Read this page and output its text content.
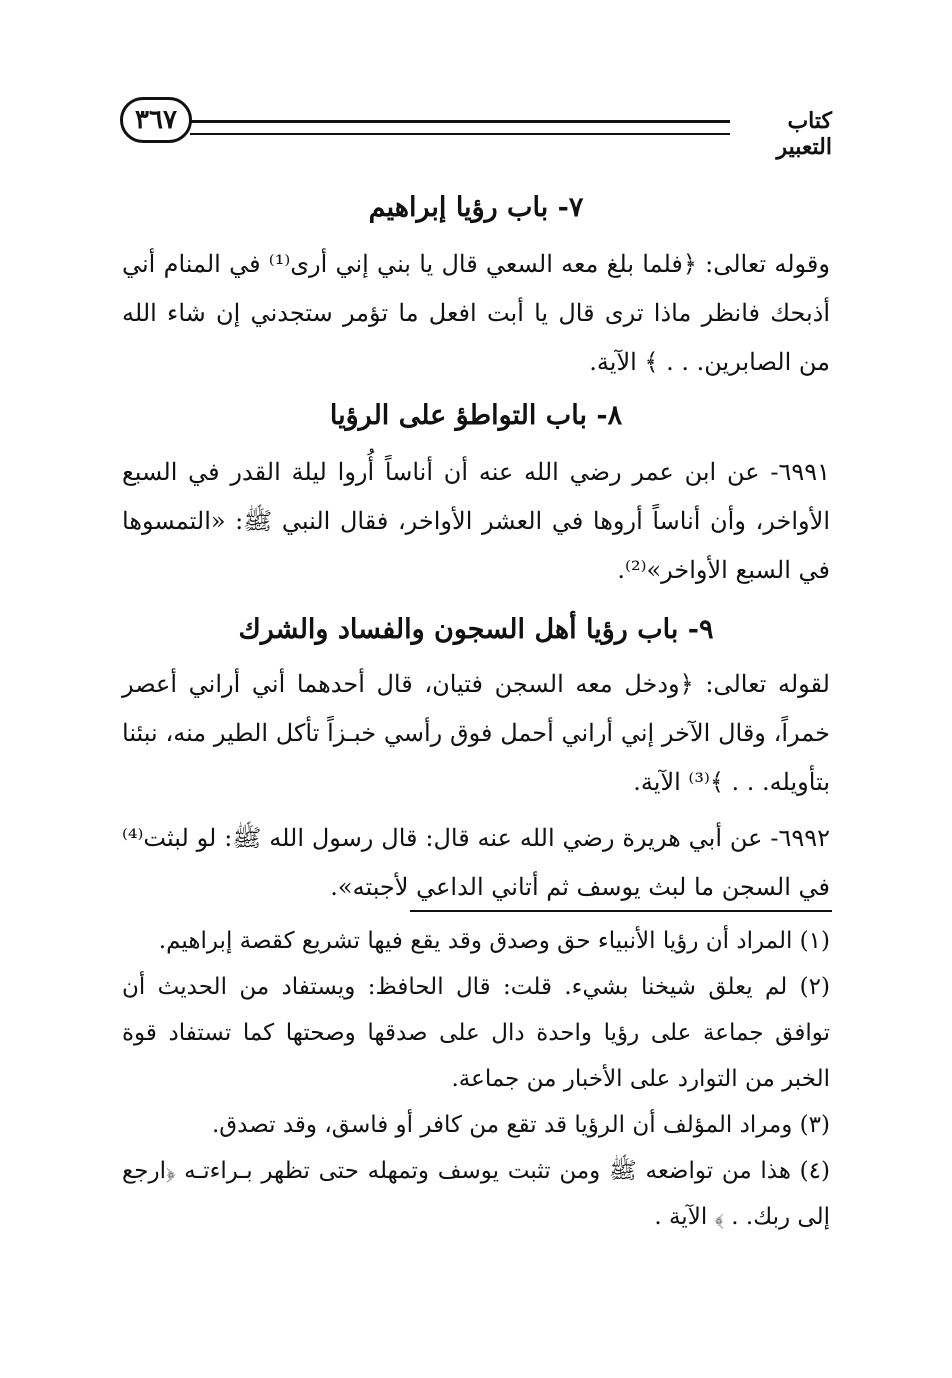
كتاب التعبير
٣٦٧
٧- باب رؤيا إبراهيم
وقوله تعالى: ﴿فلما بلغ معه السعي قال يا بني إني أرى⁽¹⁾ في المنام أني أذبحك فانظر ماذا ترى قال يا أبت افعل ما تؤمر ستجدني إن شاء الله من الصابرين. . . ﴾ الآية.
٨- باب التواطؤ على الرؤيا
٦٩٩١- عن ابن عمر رضي الله عنه أن أناساً أُروا ليلة القدر في السبع الأواخر، وأن أناساً أروها في العشر الأواخر، فقال النبي ﷺ: «التمسوها في السبع الأواخر»⁽²⁾.
٩- باب رؤيا أهل السجون والفساد والشرك
لقوله تعالى: ﴿ودخل معه السجن فتيان، قال أحدهما أني أراني أعصر خمراً، وقال الآخر إني أراني أحمل فوق رأسي خبـزاً تأكل الطير منه، نبئنا بتأويله. . . ﴾⁽³⁾ الآية.
٦٩٩٢- عن أبي هريرة رضي الله عنه قال: قال رسول الله ﷺ: لو لبثت⁽⁴⁾ في السجن ما لبث يوسف ثم أتاني الداعي لأجبته».
(١) المراد أن رؤيا الأنبياء حق وصدق وقد يقع فيها تشريع كقصة إبراهيم.
(٢) لم يعلق شيخنا بشيء. قلت: قال الحافظ: ويستفاد من الحديث أن توافق جماعة على رؤيا واحدة دال على صدقها وصحتها كما تستفاد قوة الخبر من التوارد على الأخبار من جماعة.
(٣) ومراد المؤلف أن الرؤيا قد تقع من كافر أو فاسق، وقد تصدق.
(٤) هذا من تواضعه ﷺ ومن تثبت يوسف وتمهله حتى تظهر بـراءتـه ﴿ارجع إلى ربك. . ﴾ الآية .
